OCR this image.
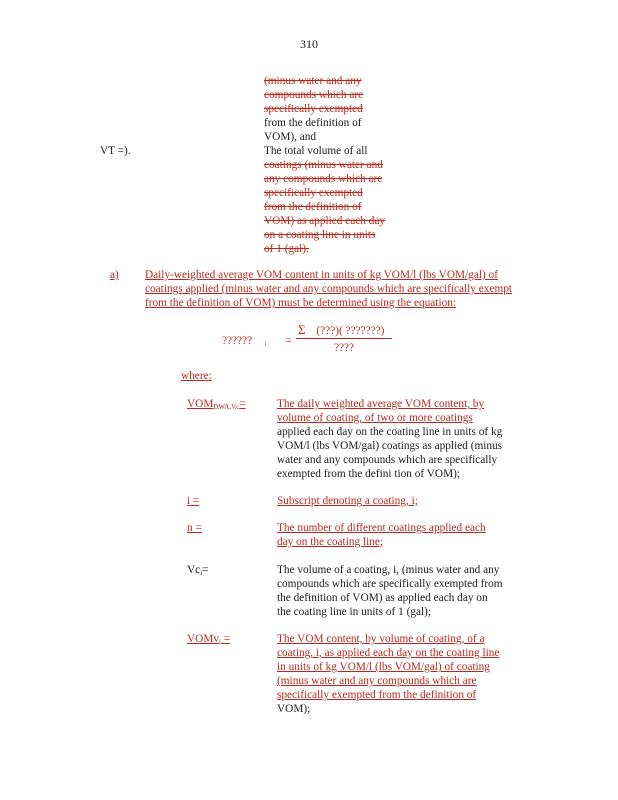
310
(minus water and any
compounds which are
specifically exempted
from the definition of
VOM), and
The total volume of all
coatings (minus water and
any compounds which are
specifically exempted
from the definition of
VOM) as applied each day
on a coating line in units
of 1 (gal).
VT =).
a) Daily-weighted average VOM content in units of kg VOM/l (lbs VOM/gal) of
coatings applied (minus water and any compounds which are specifically exempt
from the definition of VOM) must be determined using the equation:
?????? i =
Σ (???)( ???????)
????
where:
VOMDWA,Vc=	The daily weighted average VOM content, by
volume of coating, of two or more coatings
applied each day on the coating line in units of kg
VOM/l (lbs VOM/gal) coatings as applied (minus
water and any compounds which are specifically
exempted from the defini tion of VOM);
i =	Subscript denoting a coating, i;
n =	The number of different coatings applied each
day on the coating line;
Vci=	The volume of a coating, i, (minus water and any
compounds which are specifically exempted from
the definition of VOM) as applied each day on
the coating line in units of 1 (gal);
VOMvi =	The VOM content, by volume of coating, of a
coating, i, as applied each day on the coating line
in units of kg VOM/l (lbs VOM/gal) of coating
(minus water and any compounds which are
specifically exempted from the definition of
VOM);
